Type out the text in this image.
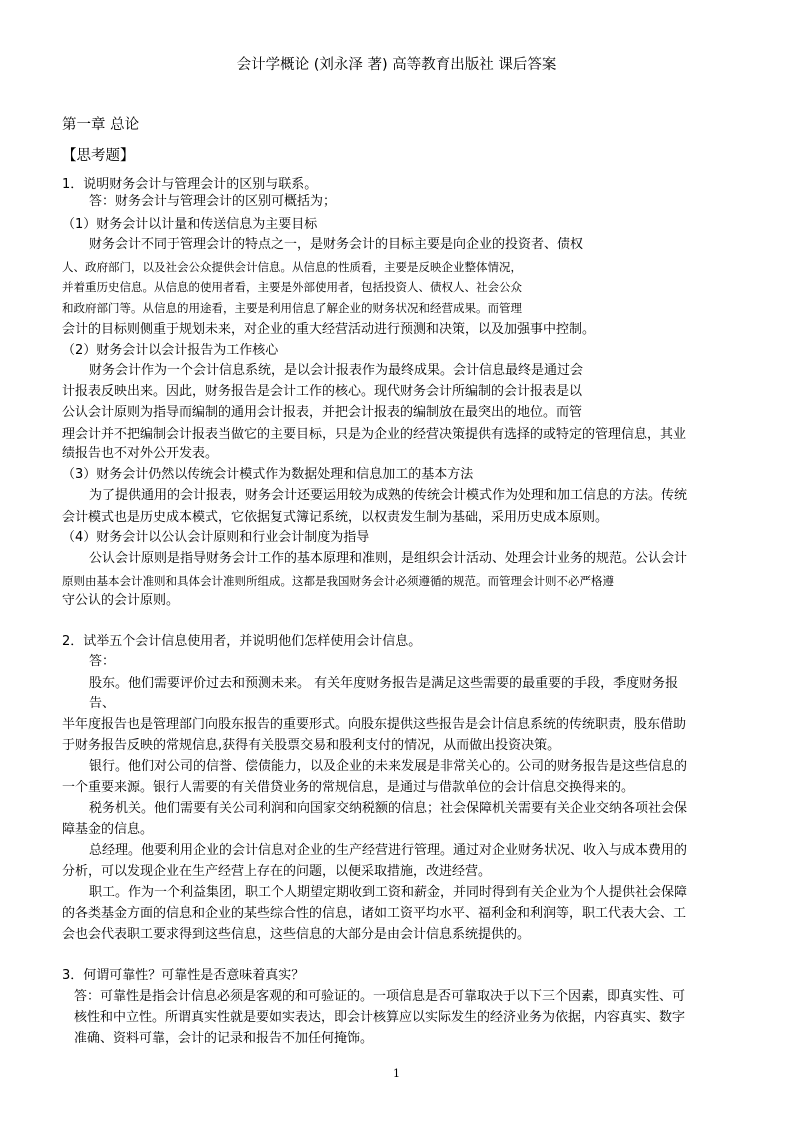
会计学概论 (刘永泽 著) 高等教育出版社 课后答案
第一章 总论
【思考题】
1．说明财务会计与管理会计的区别与联系。
答：财务会计与管理会计的区别可概括为；
（1）财务会计以计量和传送信息为主要目标
财务会计不同于管理会计的特点之一，是财务会计的目标主要是向企业的投资者、债权
人、政府部门，以及社会公众提供会计信息。从信息的性质看，主要是反映企业整体情况，
并着重历史信息。从信息的使用者看，主要是外部使用者，包括投资人、债权人、社会公众
和政府部门等。从信息的用途看，主要是利用信息了解企业的财务状况和经营成果。而管理
会计的目标则侧重于规划未来，对企业的重大经营活动进行预测和决策，以及加强事中控制。
（2）财务会计以会计报告为工作核心
财务会计作为一个会计信息系统，是以会计报表作为最终成果。会计信息最终是通过会
计报表反映出来。因此，财务报告是会计工作的核心。现代财务会计所编制的会计报表是以
公认会计原则为指导而编制的通用会计报表，并把会计报表的编制放在最突出的地位。而管
理会计并不把编制会计报表当做它的主要目标，只是为企业的经营决策提供有选择的或特定的管理信息，其业
绩报告也不对外公开发表。
（3）财务会计仍然以传统会计模式作为数据处理和信息加工的基本方法
为了提供通用的会计报表，财务会计还要运用较为成熟的传统会计模式作为处理和加工信息的方法。传统
会计模式也是历史成本模式，它依据复式簿记系统，以权责发生制为基础，采用历史成本原则。
（4）财务会计以公认会计原则和行业会计制度为指导
公认会计原则是指导财务会计工作的基本原理和准则，是组织会计活动、处理会计业务的规范。公认会计
原则由基本会计准则和具体会计准则所组成。这都是我国财务会计必须遵循的规范。而管理会计则不必严格遵
守公认的会计原则。
2．试举五个会计信息使用者，并说明他们怎样使用会计信息。
答：
股东。他们需要评价过去和预测未来。 有关年度财务报告是满足这些需要的最重要的手段，季度财务报
告、
半年度报告也是管理部门向股东报告的重要形式。向股东提供这些报告是会计信息系统的传统职责，股东借助
于财务报告反映的常规信息,获得有关股票交易和股利支付的情况，从而做出投资决策。
银行。他们对公司的信誉、偿债能力，以及企业的未来发展是非常关心的。公司的财务报告是这些信息的
一个重要来源。银行人需要的有关借贷业务的常规信息，是通过与借款单位的会计信息交换得来的。
税务机关。他们需要有关公司利润和向国家交纳税额的信息；社会保障机关需要有关企业交纳各项社会保
障基金的信息。
总经理。他要利用企业的会计信息对企业的生产经营进行管理。通过对企业财务状况、收入与成本费用的
分析，可以发现企业在生产经营上存在的问题，以便采取措施，改进经营。
职工。作为一个利益集团，职工个人期望定期收到工资和薪金，并同时得到有关企业为个人提供社会保障
的各类基金方面的信息和企业的某些综合性的信息，诸如工资平均水平、福利金和利润等，职工代表大会、工
会也会代表职工要求得到这些信息，这些信息的大部分是由会计信息系统提供的。
3．何谓可靠性？可靠性是否意味着真实？
答：可靠性是指会计信息必须是客观的和可验证的。一项信息是否可靠取决于以下三个因素，即真实性、可
核性和中立性。所谓真实性就是要如实表达，即会计核算应以实际发生的经济业务为依据，内容真实、数字
准确、资料可靠，会计的记录和报告不加任何掩饰。
1
